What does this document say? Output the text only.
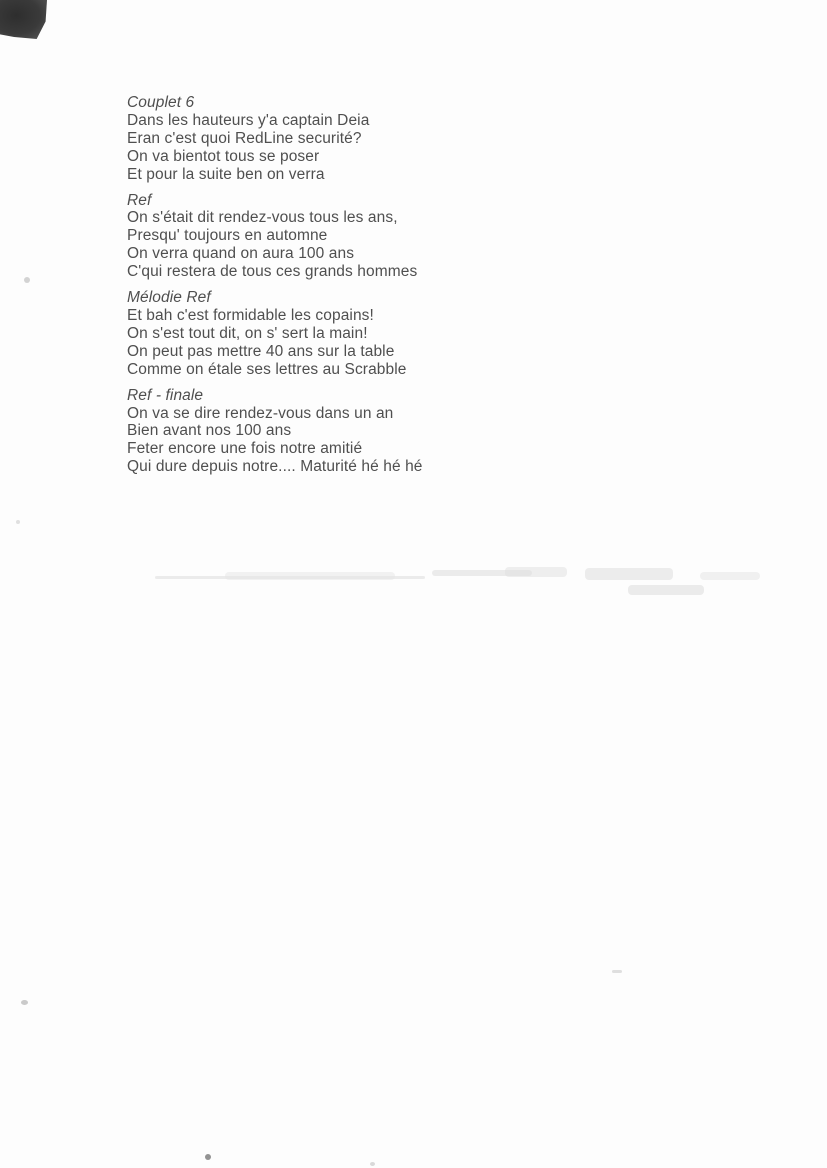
Couplet 6
Dans les hauteurs y'a captain Deia
Eran c'est quoi RedLine securité?
On va bientot tous se poser
Et pour la suite ben on verra
Ref
On s'était dit rendez-vous tous les ans,
Presqu' toujours en automne
On verra quand on aura 100 ans
C'qui restera de tous ces grands hommes
Mélodie Ref
Et bah c'est formidable les copains!
On s'est tout dit, on s' sert la main!
On peut pas mettre 40 ans sur la table
Comme on étale ses lettres au Scrabble
Ref - finale
On va se dire rendez-vous dans un an
Bien avant nos 100 ans
Feter encore une fois notre amitié
Qui dure depuis notre.... Maturité hé hé hé
